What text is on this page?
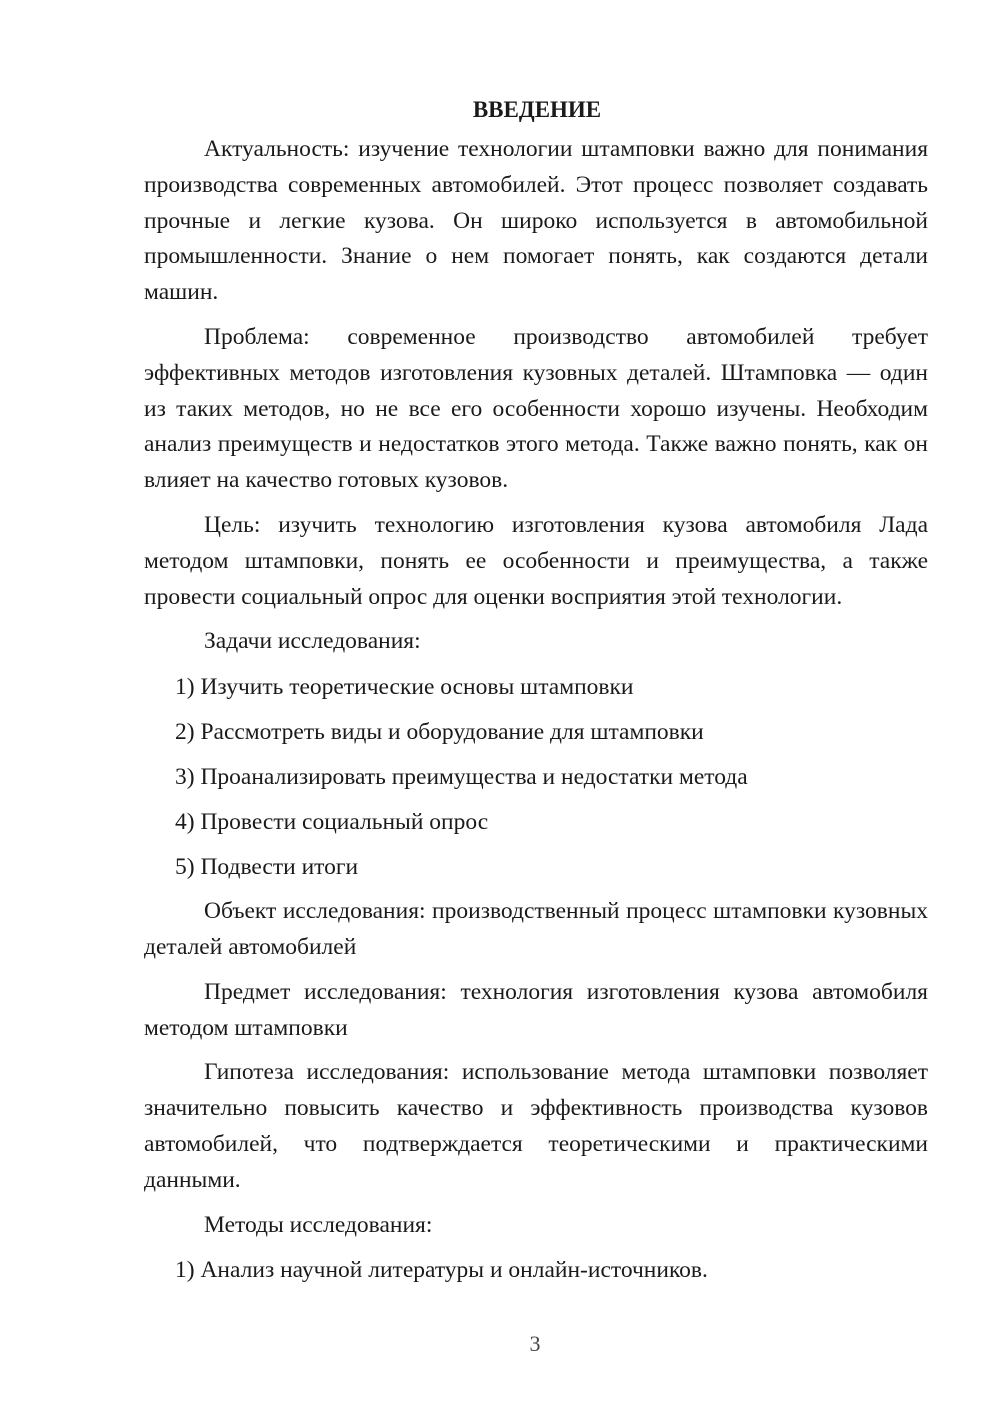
ВВЕДЕНИЕ

Актуальность: изучение технологии штамповки важно для понимания производства современных автомобилей. Этот процесс позволяет создавать прочные и легкие кузова. Он широко используется в автомобильной промышленности. Знание о нем помогает понять, как создаются детали машин.

Проблема: современное производство автомобилей требует эффективных методов изготовления кузовных деталей. Штамповка — один из таких методов, но не все его особенности хорошо изучены. Необходим анализ преимуществ и недостатков этого метода. Также важно понять, как он влияет на качество готовых кузовов.

Цель: изучить технологию изготовления кузова автомобиля Лада методом штамповки, понять ее особенности и преимущества, а также провести социальный опрос для оценки восприятия этой технологии.

Задачи исследования:

1) Изучить теоретические основы штамповки

2) Рассмотреть виды и оборудование для штамповки

3) Проанализировать преимущества и недостатки метода

4) Провести социальный опрос

5) Подвести итоги

Объект исследования: производственный процесс штамповки кузовных деталей автомобилей

Предмет исследования: технология изготовления кузова автомобиля методом штамповки

Гипотеза исследования: использование метода штамповки позволяет значительно повысить качество и эффективность производства кузовов автомобилей, что подтверждается теоретическими и практическими данными.

Методы исследования:

1) Анализ научной литературы и онлайн-источников.

3
